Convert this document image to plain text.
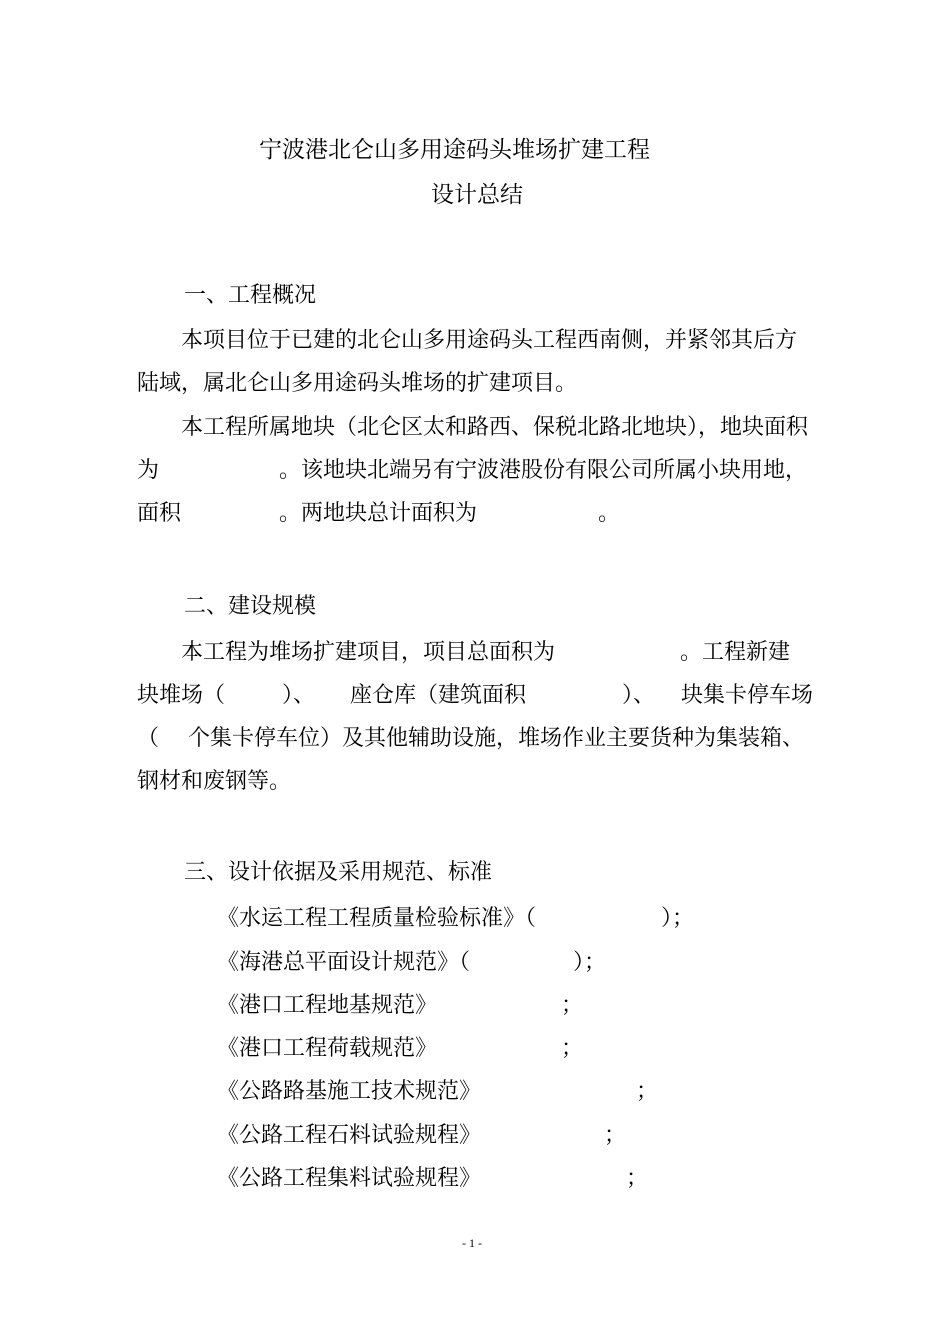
宁波港北仑山多用途码头堆场扩建工程
设计总结
一、工程概况
本项目位于已建的北仑山多用途码头工程西南侧，并紧邻其后方
陆域，属北仑山多用途码头堆场的扩建项目。
本工程所属地块（北仑区太和路西、保税北路北地块），地块面积
为	。该地块北端另有宁波港股份有限公司所属小块用地，
面积	。两地块总计面积为	。
二、建设规模
本工程为堆场扩建项目，项目总面积为	。工程新建
块堆场（	）、 座仓库（建筑面积	）、 块集卡停车场
（ 个集卡停车位）及其他辅助设施，堆场作业主要货种为集装箱、
钢材和废钢等。
三、设计依据及采用规范、标准
《水运工程工程质量检验标准》（	）；
《海港总平面设计规范》（	）；
《港口工程地基规范》	；
《港口工程荷载规范》	；
《公路路基施工技术规范》	；
《公路工程石料试验规程》	；
《公路工程集料试验规程》	；
- 1 -
